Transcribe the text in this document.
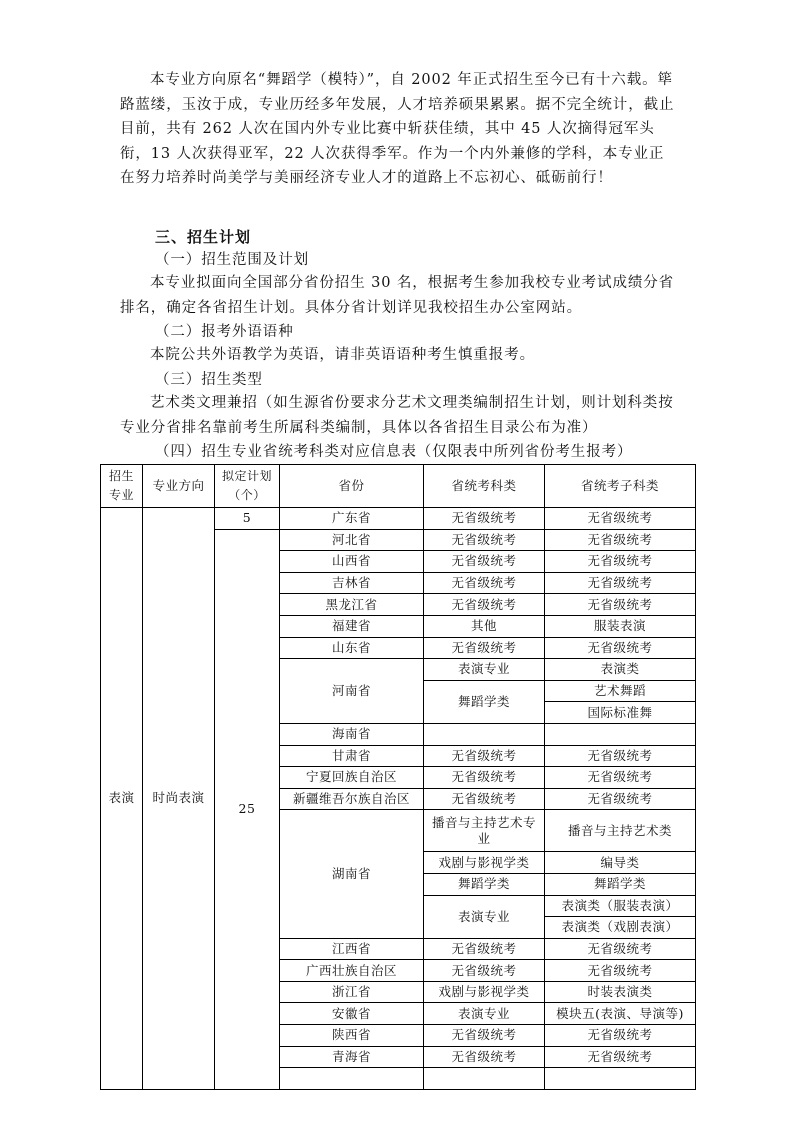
本专业方向原名“舞蹈学（模特）”，自 2002 年正式招生至今已有十六载。筚路蓝缕，玉汝于成，专业历经多年发展，人才培养硕果累累。据不完全统计，截止目前，共有 262 人次在国内外专业比赛中斩获佳绩，其中 45 人次摘得冠军头衔，13 人次获得亚军，22 人次获得季军。作为一个内外兼修的学科，本专业正在努力培养时尚美学与美丽经济专业人才的道路上不忘初心、砥砺前行！

三、招生计划

（一）招生范围及计划

本专业拟面向全国部分省份招生 30 名，根据考生参加我校专业考试成绩分省排名，确定各省招生计划。具体分省计划详见我校招生办公室网站。

（二）报考外语语种

本院公共外语教学为英语，请非英语语种考生慎重报考。

（三）招生类型

艺术类文理兼招（如生源省份要求分艺术文理类编制招生计划，则计划科类按专业分省排名靠前考生所属科类编制，具体以各省招生目录公布为准）

（四）招生专业省统考科类对应信息表（仅限表中所列省份考生报考）

招生专业	专业方向	拟定计划（个）	省份	省统考科类	省统考子科类
表演	时尚表演	5	广东省	无省级统考	无省级统考
		25	河北省	无省级统考	无省级统考
			山西省	无省级统考	无省级统考
			吉林省	无省级统考	无省级统考
			黑龙江省	无省级统考	无省级统考
			福建省	其他	服装表演
			山东省	无省级统考	无省级统考
			河南省	表演专业	表演类
				舞蹈学类	艺术舞蹈
					国际标准舞
			海南省		
			甘肃省	无省级统考	无省级统考
			宁夏回族自治区	无省级统考	无省级统考
			新疆维吾尔族自治区	无省级统考	无省级统考
			湖南省	播音与主持艺术专业	播音与主持艺术类
				戏剧与影视学类	编导类
				舞蹈学类	舞蹈学类
				表演专业	表演类（服装表演）
					表演类（戏剧表演）
			江西省	无省级统考	无省级统考
			广西壮族自治区	无省级统考	无省级统考
			浙江省	戏剧与影视学类	时装表演类
			安徽省	表演专业	模块五(表演、导演等)
			陕西省	无省级统考	无省级统考
			青海省	无省级统考	无省级统考
